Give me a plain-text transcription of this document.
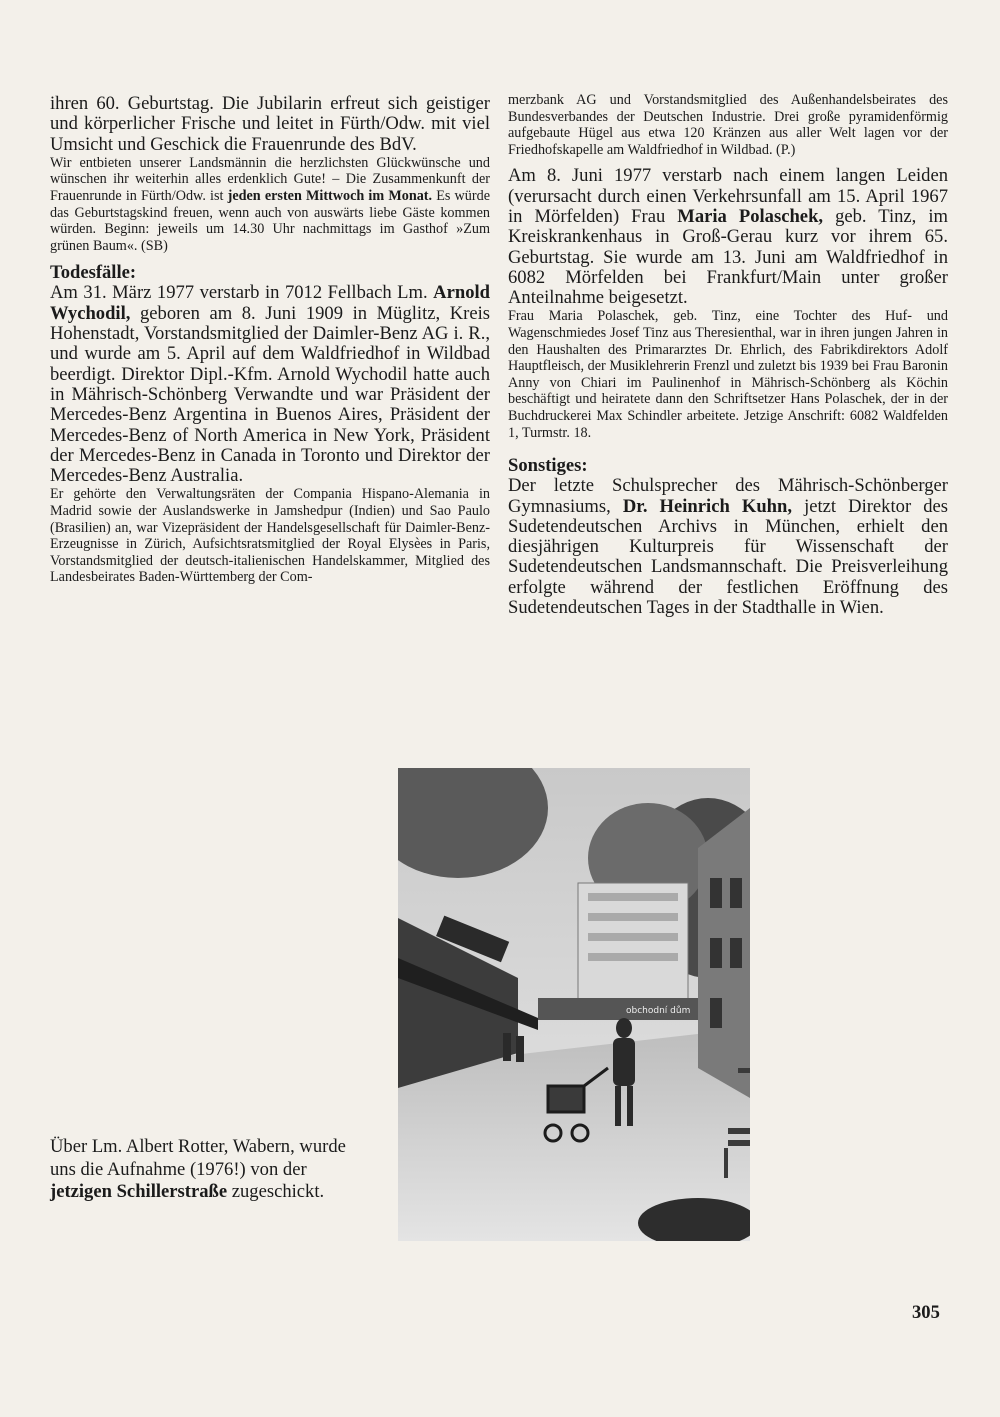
ihren 60. Geburtstag. Die Jubilarin erfreut sich geistiger und körperlicher Frische und leitet in Fürth/Odw. mit viel Umsicht und Geschick die Frauenrunde des BdV.

Wir entbieten unserer Landsmännin die herzlichsten Glückwünsche und wünschen ihr weiterhin alles erdenklich Gute! – Die Zusammenkunft der Frauenrunde in Fürth/Odw. ist jeden ersten Mittwoch im Monat. Es würde das Geburtstagskind freuen, wenn auch von auswärts liebe Gäste kommen würden. Beginn: jeweils um 14.30 Uhr nachmittags im Gasthof »Zum grünen Baum«. (SB)

Todesfälle:

Am 31. März 1977 verstarb in 7012 Fellbach Lm. Arnold Wychodil, geboren am 8. Juni 1909 in Müglitz, Kreis Hohenstadt, Vorstandsmitglied der Daimler-Benz AG i. R., und wurde am 5. April auf dem Waldfriedhof in Wildbad beerdigt. Direktor Dipl.-Kfm. Arnold Wychodil hatte auch in Mährisch-Schönberg Verwandte und war Präsident der Mercedes-Benz Argentina in Buenos Aires, Präsident der Mercedes-Benz of North America in New York, Präsident der Mercedes-Benz in Canada in Toronto und Direktor der Mercedes-Benz Australia.

Er gehörte den Verwaltungsräten der Compania Hispano-Alemania in Madrid sowie der Auslandswerke in Jamshedpur (Indien) und Sao Paulo (Brasilien) an, war Vizepräsident der Handelsgesellschaft für Daimler-Benz-Erzeugnisse in Zürich, Aufsichtsratsmitglied der Royal Elysèes in Paris, Vorstandsmitglied der deutsch-italienischen Handelskammer, Mitglied des Landesbeirates Baden-Württemberg der Com-

merzbank AG und Vorstandsmitglied des Außenhandelsbeirates des Bundesverbandes der Deutschen Industrie. Drei große pyramidenförmig aufgebaute Hügel aus etwa 120 Kränzen aus aller Welt lagen vor der Friedhofskapelle am Waldfriedhof in Wildbad. (P.)

Am 8. Juni 1977 verstarb nach einem langen Leiden (verursacht durch einen Verkehrsunfall am 15. April 1967 in Mörfelden) Frau Maria Polaschek, geb. Tinz, im Kreiskrankenhaus in Groß-Gerau kurz vor ihrem 65. Geburtstag. Sie wurde am 13. Juni am Waldfriedhof in 6082 Mörfelden bei Frankfurt/Main unter großer Anteilnahme beigesetzt.

Frau Maria Polaschek, geb. Tinz, eine Tochter des Huf- und Wagenschmiedes Josef Tinz aus Theresienthal, war in ihren jungen Jahren in den Haushalten des Primararztes Dr. Ehrlich, des Fabrikdirektors Adolf Hauptfleisch, der Musiklehrerin Frenzl und zuletzt bis 1939 bei Frau Baronin Anny von Chiari im Paulinenhof in Mährisch-Schönberg als Köchin beschäftigt und heiratete dann den Schriftsetzer Hans Polaschek, der in der Buchdruckerei Max Schindler arbeitete. Jetzige Anschrift: 6082 Waldfelden 1, Turmstr. 18.

Sonstiges:

Der letzte Schulsprecher des Mährisch-Schönberger Gymnasiums, Dr. Heinrich Kuhn, jetzt Direktor des Sudetendeutschen Archivs in München, erhielt den diesjährigen Kulturpreis für Wissenschaft der Sudetendeutschen Landsmannschaft. Die Preisverleihung erfolgte während der festlichen Eröffnung des Sudetendeutschen Tages in der Stadthalle in Wien.

obchodní dům
Über Lm. Albert Rotter, Wabern, wurde uns die Aufnahme (1976!) von der jetzigen Schillerstraße zugeschickt.
305
